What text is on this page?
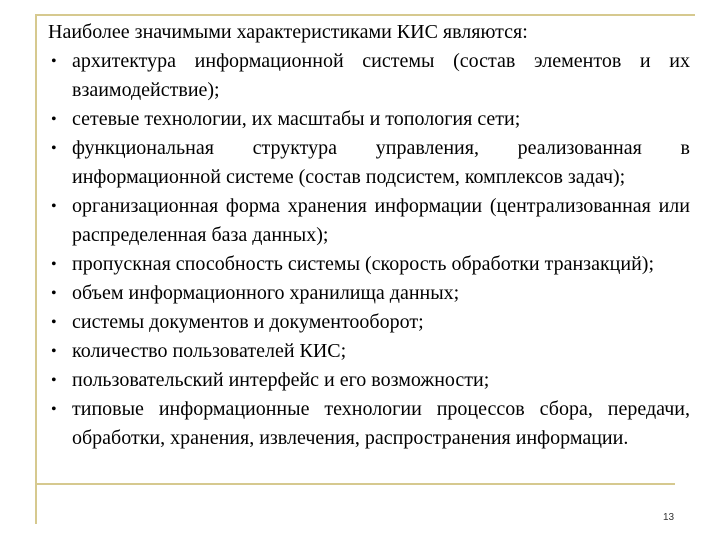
Наиболее значимыми характеристиками КИС являются:

• архитектура информационной системы (состав элементов и их взаимодействие);
• сетевые технологии, их масштабы и топология сети;
• функциональная структура управления, реализованная в информационной системе (состав подсистем, комплексов задач);
• организационная форма хранения информации (централизованная или распределенная база данных);
• пропускная способность системы (скорость обработки транзакций);
• объем информационного хранилища данных;
• системы документов и документооборот;
• количество пользователей КИС;
• пользовательский интерфейс и его возможности;
• типовые информационные технологии процессов сбора, передачи, обработки, хранения, извлечения, распространения информации.
13
